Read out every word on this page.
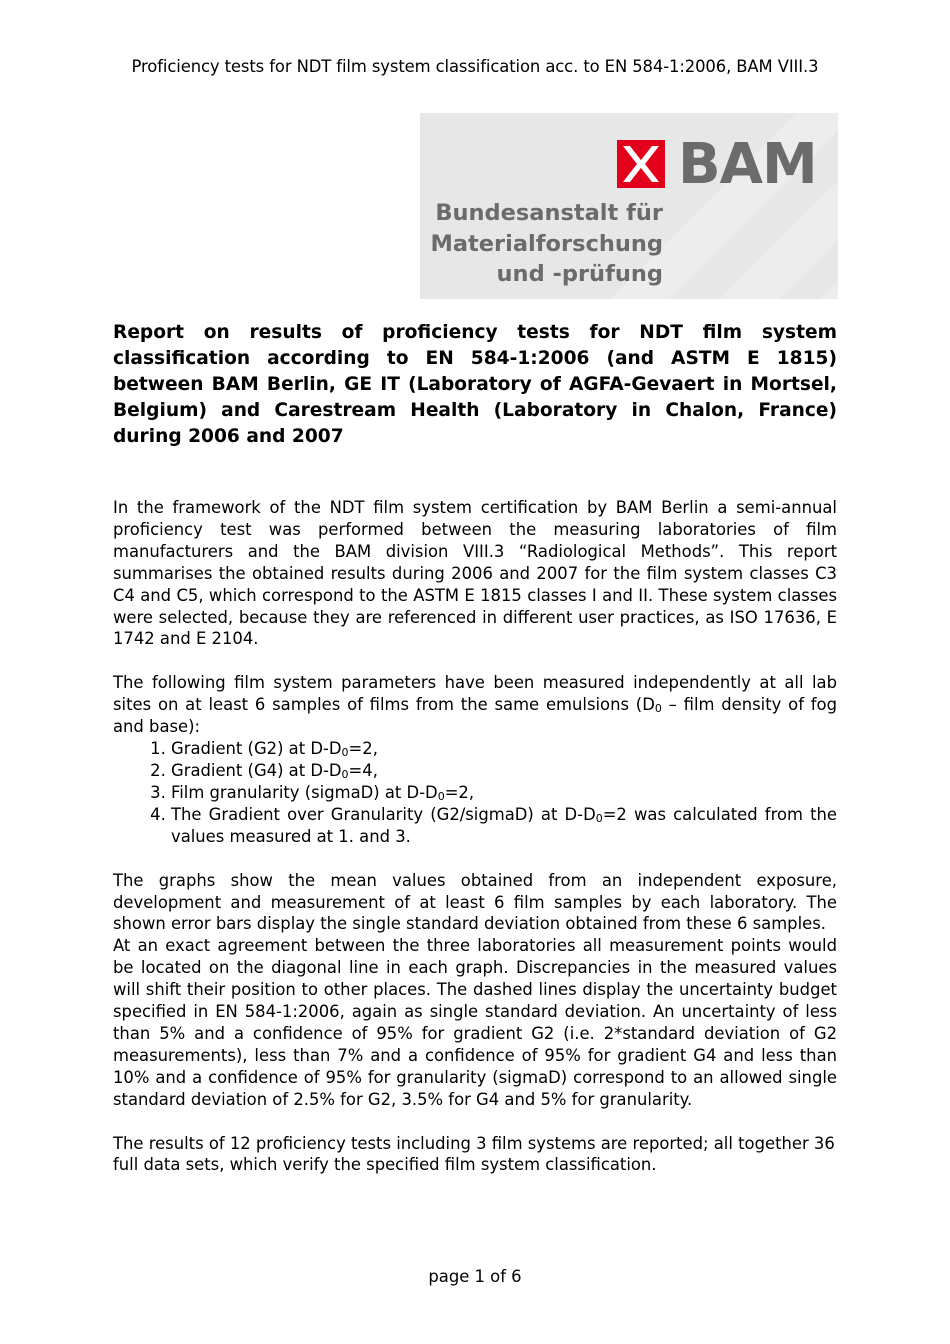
Proficiency tests for NDT film system classification acc. to EN 584-1:2006, BAM VIII.3
BAM
Bundesanstalt für
Materialforschung
und -prüfung
Report on results of proficiency tests for NDT film system classification according to EN 584-1:2006 (and ASTM E 1815) between BAM Berlin, GE IT (Laboratory of AGFA-Gevaert in Mortsel, Belgium) and Carestream Health (Laboratory in Chalon, France) during 2006 and 2007

In the framework of the NDT film system certification by BAM Berlin a semi-annual proficiency test was performed between the measuring laboratories of film manufacturers and the BAM division VIII.3 “Radiological Methods”. This report summarises the obtained results during 2006 and 2007 for the film system classes C3 C4 and C5, which correspond to the ASTM E 1815 classes I and II. These system classes were selected, because they are referenced in different user practices, as ISO 17636, E 1742 and E 2104.

The following film system parameters have been measured independently at all lab sites on at least 6 samples of films from the same emulsions ($D_0$ – film density of fog and base):

1. Gradient (G2) at $D-D_0=2$,
2. Gradient (G4) at $D-D_0=4$,
3. Film granularity (sigmaD) at $D-D_0=2$,
4. The Gradient over Granularity (G2/sigmaD) at $D-D_0=2$ was calculated from the values measured at 1. and 3.

The graphs show the mean values obtained from an independent exposure, development and measurement of at least 6 film samples by each laboratory. The shown error bars display the single standard deviation obtained from these 6 samples.

At an exact agreement between the three laboratories all measurement points would be located on the diagonal line in each graph. Discrepancies in the measured values will shift their position to other places. The dashed lines display the uncertainty budget specified in EN 584-1:2006, again as single standard deviation. An uncertainty of less than 5% and a confidence of 95% for gradient G2 (i.e. 2*standard deviation of G2 measurements), less than 7% and a confidence of 95% for gradient G4 and less than 10% and a confidence of 95% for granularity (sigmaD) correspond to an allowed single standard deviation of 2.5% for G2, 3.5% for G4 and 5% for granularity.

The results of 12 proficiency tests including 3 film systems are reported; all together 36 full data sets, which verify the specified film system classification.

page 1 of 6
